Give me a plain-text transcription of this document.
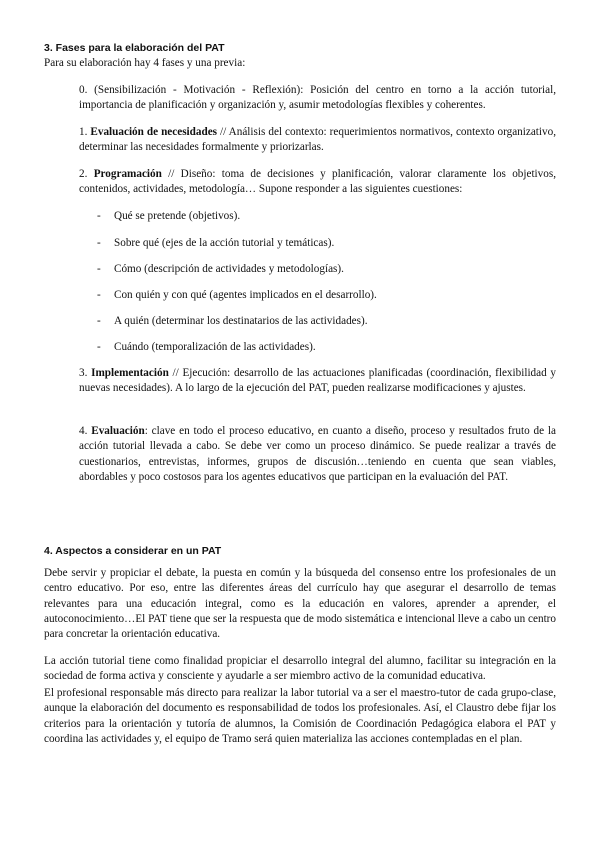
3. Fases para la elaboración del PAT
Para su elaboración hay 4 fases y una previa:
0. (Sensibilización - Motivación - Reflexión): Posición del centro en torno a la acción tutorial, importancia de planificación y organización y, asumir metodologías flexibles y coherentes.
1. Evaluación de necesidades // Análisis del contexto: requerimientos normativos, contexto organizativo, determinar las necesidades formalmente y priorizarlas.
2. Programación // Diseño: toma de decisiones y planificación, valorar claramente los objetivos, contenidos, actividades, metodología… Supone responder a las siguientes cuestiones:
- Qué se pretende (objetivos).
- Sobre qué (ejes de la acción tutorial y temáticas).
- Cómo (descripción de actividades y metodologías).
- Con quién y con qué (agentes implicados en el desarrollo).
- A quién (determinar los destinatarios de las actividades).
- Cuándo (temporalización de las actividades).
3. Implementación // Ejecución: desarrollo de las actuaciones planificadas (coordinación, flexibilidad y nuevas necesidades). A lo largo de la ejecución del PAT, pueden realizarse modificaciones y ajustes.
4. Evaluación: clave en todo el proceso educativo, en cuanto a diseño, proceso y resultados fruto de la acción tutorial llevada a cabo. Se debe ver como un proceso dinámico. Se puede realizar a través de cuestionarios, entrevistas, informes, grupos de discusión…teniendo en cuenta que sean viables, abordables y poco costosos para los agentes educativos que participan en la evaluación del PAT.
4. Aspectos a considerar en un PAT
Debe servir y propiciar el debate, la puesta en común y la búsqueda del consenso entre los profesionales de un centro educativo. Por eso, entre las diferentes áreas del currículo hay que asegurar el desarrollo de temas relevantes para una educación integral, como es la educación en valores, aprender a aprender, el autoconocimiento…El PAT tiene que ser la respuesta que de modo sistemática e intencional lleve a cabo un centro para concretar la orientación educativa.
La acción tutorial tiene como finalidad propiciar el desarrollo integral del alumno, facilitar su integración en la sociedad de forma activa y consciente y ayudarle a ser miembro activo de la comunidad educativa.
El profesional responsable más directo para realizar la labor tutorial va a ser el maestro-tutor de cada grupo-clase, aunque la elaboración del documento es responsabilidad de todos los profesionales. Así, el Claustro debe fijar los criterios para la orientación y tutoría de alumnos, la Comisión de Coordinación Pedagógica elabora el PAT y coordina las actividades y, el equipo de Tramo será quien materializa las acciones contempladas en el plan.
